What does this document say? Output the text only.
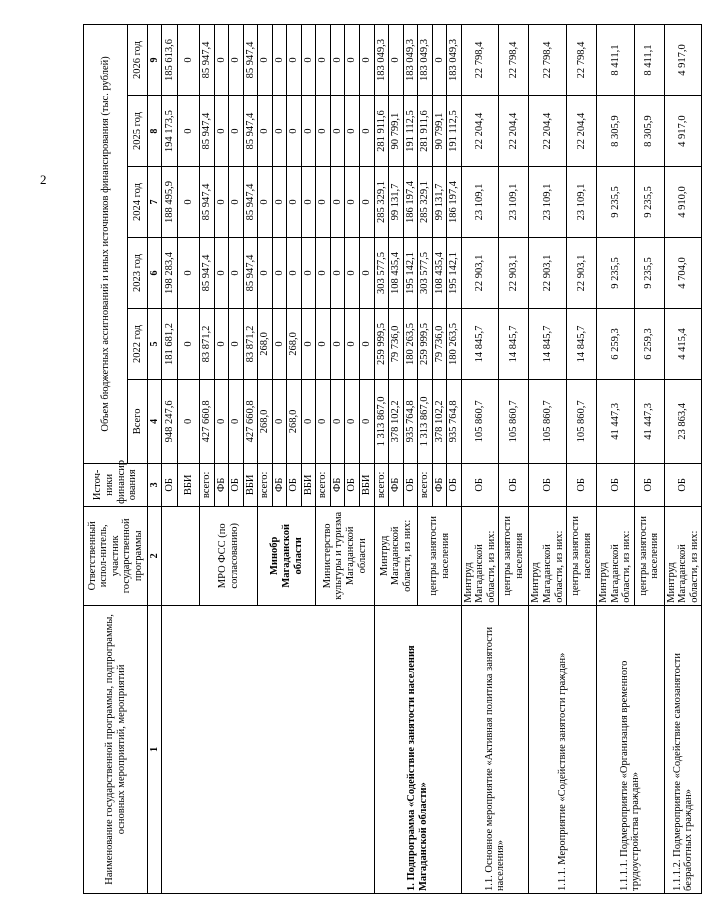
2
Наименование государственной программы, подпрограммы, основных мероприятий, мероприятий	Ответственный испол-нитель, участник государственной программы	Источ-ники финансир ования	Объем бюджетных ассигнований и иных источников финансирования (тыс. рублей)					
			Всего	2022 год	2023 год	2024 год	2025 год	2026 год
1	2	3	4	5	6	7	8	9
		ОБ	948 247,6	181 681,2	198 283,4	188 495,9	194 173,5	185 613,6
		ВБИ	0	0	0	0	0	0
	МРО ФСС (по согласованию)	всего:	427 660,8	83 871,2	85 947,4	85 947,4	85 947,4	85 947,4
		ФБ	0	0	0	0	0	0
		ОБ	0	0	0	0	0	0
		ВБИ	427 660,8	83 871,2	85 947,4	85 947,4	85 947,4	85 947,4
	Минобр Магаданской области	всего:	268,0	268,0	0	0	0	0
		ФБ	0	0	0	0	0	0
		ОБ	268,0	268,0	0	0	0	0
		ВБИ	0	0	0	0	0	0
	Министерство культуры и туризма Магаданской области	всего:	0	0	0	0	0	0
		ФБ	0	0	0	0	0	0
		ОБ	0	0	0	0	0	0
		ВБИ	0	0	0	0	0	0
1. Подпрограмма «Содействие занятости населения Магаданской области»	Минтруд Магаданской области, из них:	всего:	1 313 867,0	259 999,5	303 577,5	285 329,1	281 911,6	183 049,3
		ФБ	378 102,2	79 736,0	108 435,4	99 131,7	90 799,1	0
		ОБ	935 764,8	180 263,5	195 142,1	186 197,4	191 112,5	183 049,3
	центры занятости населения	всего:	1 313 867,0	259 999,5	303 577,5	285 329,1	281 911,6	183 049,3
		ФБ	378 102,2	79 736,0	108 435,4	99 131,7	90 799,1	0
		ОБ	935 764,8	180 263,5	195 142,1	186 197,4	191 112,5	183 049,3
1.1. Основное мероприятие «Активная политика занятости населения»	Минтруд Магаданской области, из них:	ОБ	105 860,7	14 845,7	22 903,1	23 109,1	22 204,4	22 798,4
	центры занятости населения	ОБ	105 860,7	14 845,7	22 903,1	23 109,1	22 204,4	22 798,4
1.1.1. Мероприятие «Содействие занятости граждан»	Минтруд Магаданской области, из них:	ОБ	105 860,7	14 845,7	22 903,1	23 109,1	22 204,4	22 798,4
	центры занятости населения	ОБ	105 860,7	14 845,7	22 903,1	23 109,1	22 204,4	22 798,4
1.1.1.1. Подмероприятие «Организация временного трудоустройства граждан»	Минтруд Магаданской области, из них:	ОБ	41 447,3	6 259,3	9 235,5	9 235,5	8 305,9	8 411,1
	центры занятости населения	ОБ	41 447,3	6 259,3	9 235,5	9 235,5	8 305,9	8 411,1
1.1.1.2. Подмероприятие «Содействие самозанятости безработных граждан»	Минтруд Магаданской области, из них:	ОБ	23 863,4	4 415,4	4 704,0	4 910,0	4 917,0	4 917,0
